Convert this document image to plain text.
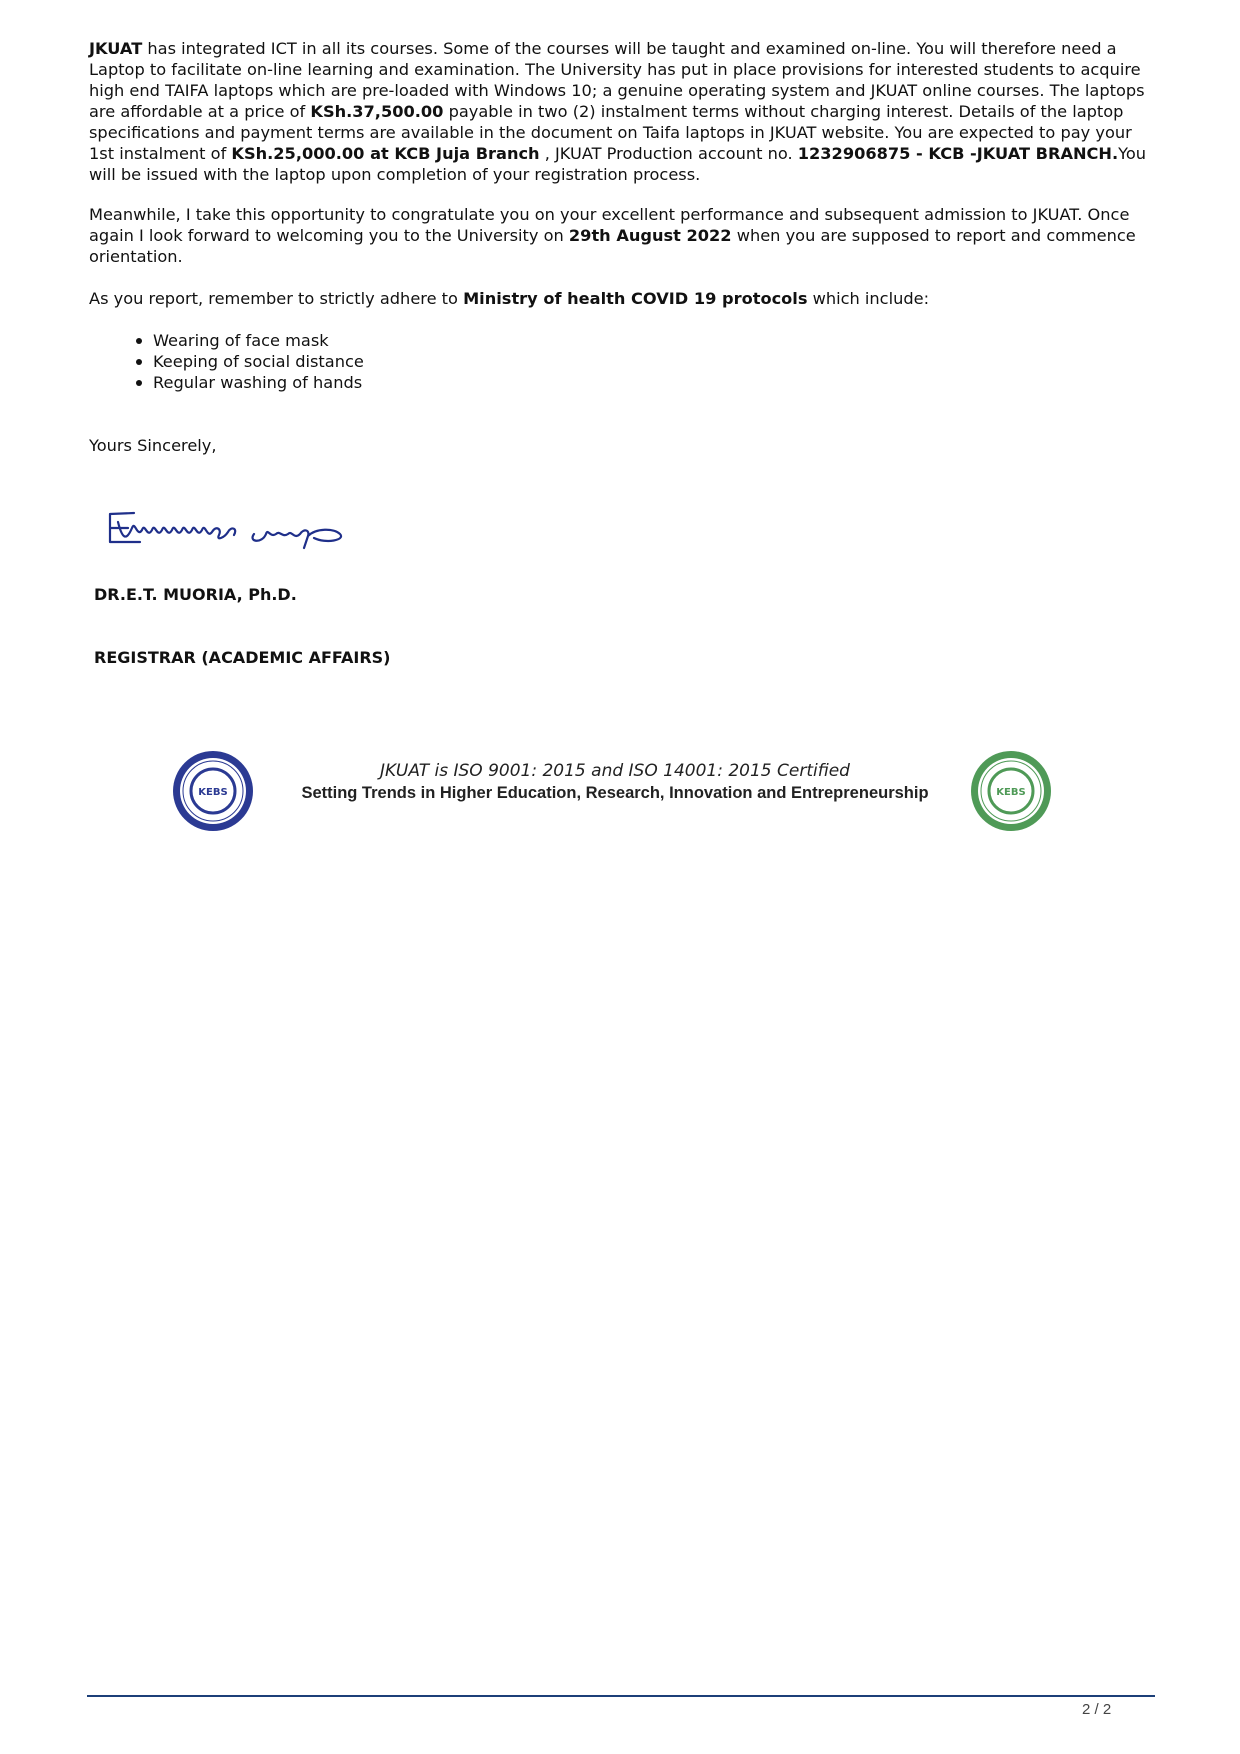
JKUAT has integrated ICT in all its courses. Some of the courses will be taught and examined on-line. You will therefore need a Laptop to facilitate on-line learning and examination. The University has put in place provisions for interested students to acquire high end TAIFA laptops which are pre-loaded with Windows 10; a genuine operating system and JKUAT online courses. The laptops are affordable at a price of KSh.37,500.00 payable in two (2) instalment terms without charging interest. Details of the laptop specifications and payment terms are available in the document on Taifa laptops in JKUAT website. You are expected to pay your 1st instalment of KSh.25,000.00 at KCB Juja Branch , JKUAT Production account no. 1232906875 - KCB -JKUAT BRANCH.You will be issued with the laptop upon completion of your registration process.

Meanwhile, I take this opportunity to congratulate you on your excellent performance and subsequent admission to JKUAT. Once again I look forward to welcoming you to the University on 29th August 2022 when you are supposed to report and commence orientation.

As you report, remember to strictly adhere to Ministry of health COVID 19 protocols which include:

Wearing of face mask
Keeping of social distance
Regular washing of hands
Yours Sincerely,
DR.E.T. MUORIA, Ph.D.
REGISTRAR (ACADEMIC AFFAIRS)
KEBS
JKUAT is ISO 9001: 2015 and ISO 14001: 2015 Certified
Setting Trends in Higher Education, Research, Innovation and Entrepreneurship	KEBS
2 / 2
